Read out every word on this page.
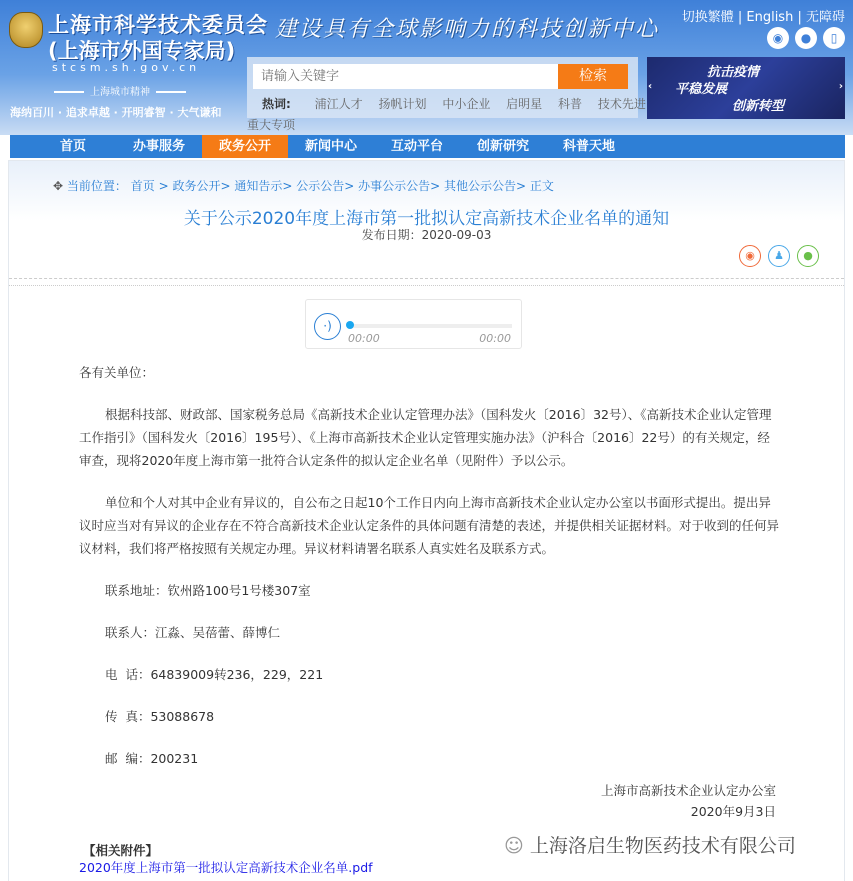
上海市科学技术委员会
(上海市外国专家局)
stcsm.sh.gov.cn
上海城市精神
海纳百川 · 追求卓越 · 开明睿智 · 大气谦和
建设具有全球影响力的科技创新中心 切换繁體 | English | 无障碍
◉	●	▯
请输入关键字
检索
热词: 浦江人才 扬帆计划 中小企业 启明星 科普 技术先进
重大专项
抗击疫情
平稳发展
创新转型
‹	›
首页	办事服务	政务公开	新闻中心	互动平台	创新研究	科普天地
✥ 当前位置： 首页 > 政务公开> 通知告示> 公示公告> 办事公示公告> 其他公示公告> 正文
关于公示2020年度上海市第一批拟认定高新技术企业名单的通知
发布日期：2020-09-03
◉	♟	●
·)
00:00	00:00

各有关单位：

根据科技部、财政部、国家税务总局《高新技术企业认定管理办法》（国科发火〔2016〕32号）、《高新技术企业认定管理工作指引》（国科发火〔2016〕195号）、《上海市高新技术企业认定管理实施办法》（沪科合〔2016〕22号）的有关规定，经审查，现将2020年度上海市第一批符合认定条件的拟认定企业名单（见附件）予以公示。

单位和个人对其中企业有异议的，自公布之日起10个工作日内向上海市高新技术企业认定办公室以书面形式提出。提出异议时应当对有异议的企业存在不符合高新技术企业认定条件的具体问题有清楚的表述，并提供相关证据材料。对于收到的任何异议材料，我们将严格按照有关规定办理。异议材料请署名联系人真实姓名及联系方式。

联系地址：钦州路100号1号楼307室

联系人：江淼、吴蓓蕾、薛博仁

电  话：64839009转236，229，221

传  真：53088678

邮  编：200231

上海市高新技术企业认定办公室
2020年9月3日
【相关附件】
2020年度上海市第一批拟认定高新技术企业名单.pdf
☺ 上海洛启生物医药技术有限公司
